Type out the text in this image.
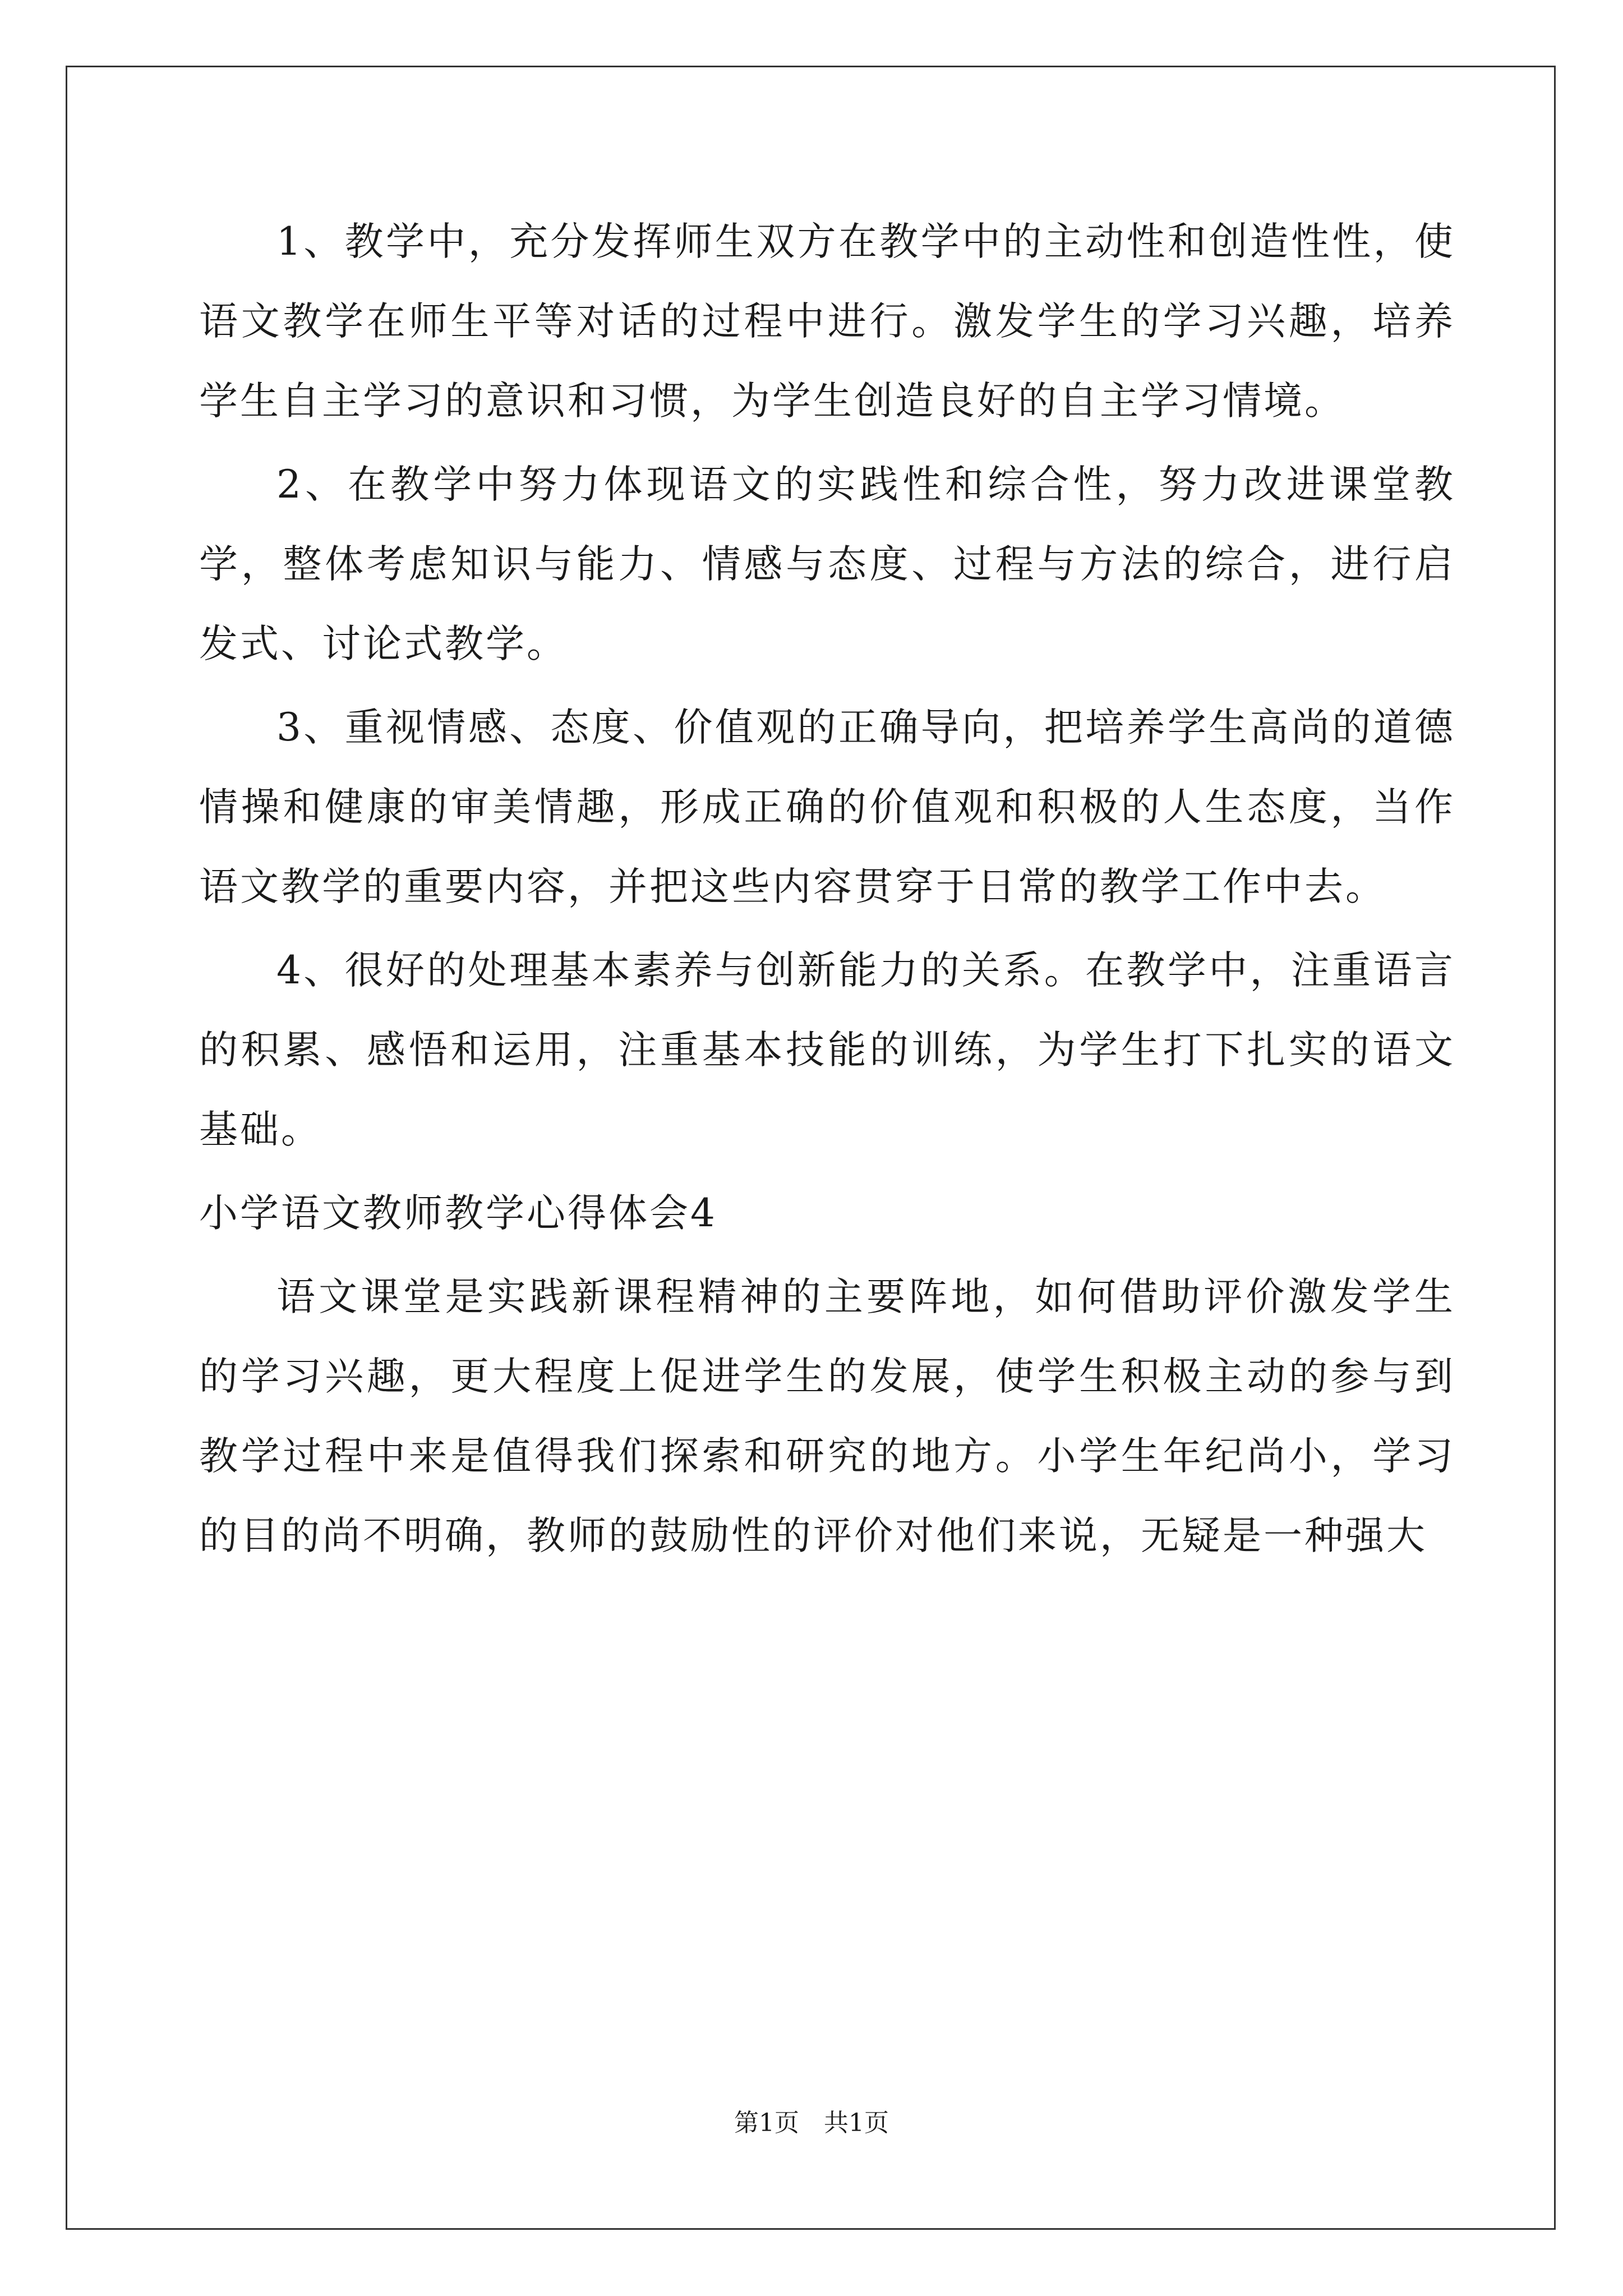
1、教学中，充分发挥师生双方在教学中的主动性和创造性性，使语文教学在师生平等对话的过程中进行。激发学生的学习兴趣，培养学生自主学习的意识和习惯，为学生创造良好的自主学习情境。

2、在教学中努力体现语文的实践性和综合性，努力改进课堂教学，整体考虑知识与能力、情感与态度、过程与方法的综合，进行启发式、讨论式教学。

3、重视情感、态度、价值观的正确导向，把培养学生高尚的道德情操和健康的审美情趣，形成正确的价值观和积极的人生态度，当作语文教学的重要内容，并把这些内容贯穿于日常的教学工作中去。

4、很好的处理基本素养与创新能力的关系。在教学中，注重语言的积累、感悟和运用，注重基本技能的训练，为学生打下扎实的语文基础。

小学语文教师教学心得体会4

语文课堂是实践新课程精神的主要阵地，如何借助评价激发学生的学习兴趣，更大程度上促进学生的发展，使学生积极主动的参与到教学过程中来是值得我们探索和研究的地方。小学生年纪尚小，学习的目的尚不明确，教师的鼓励性的评价对他们来说，无疑是一种强大

第1页 共1页
